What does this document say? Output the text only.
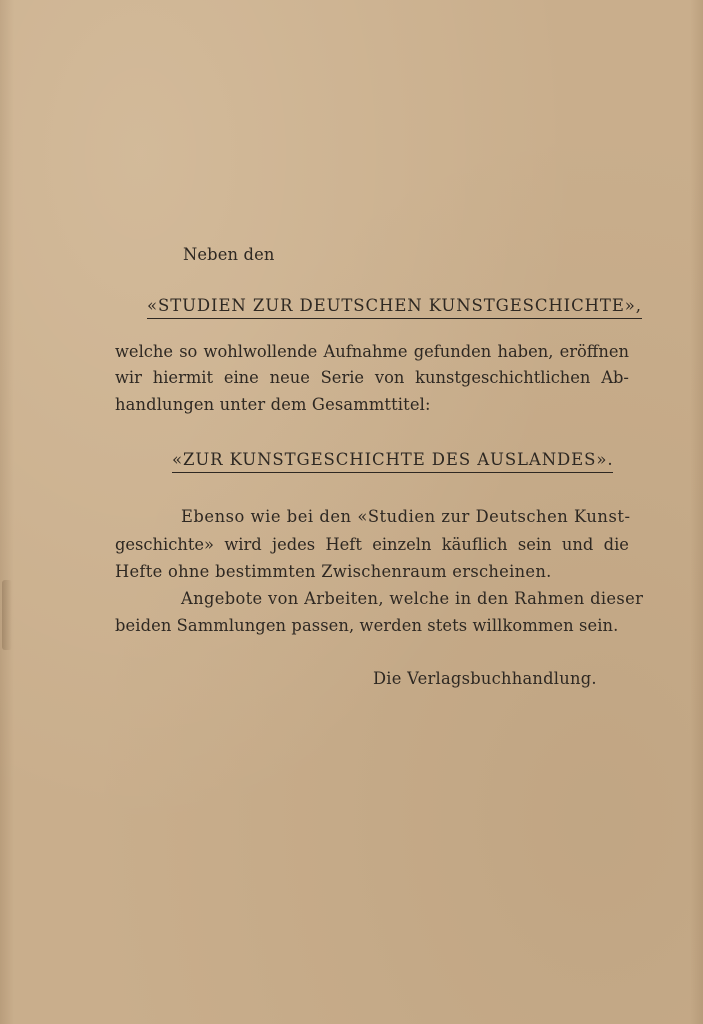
Neben den
«STUDIEN ZUR DEUTSCHEN KUNSTGESCHICHTE»,
welche so wohlwollende Aufnahme gefunden haben, eröffnen
wir hiermit eine neue Serie von kunstgeschichtlichen Ab-
handlungen unter dem Gesammttitel:
«ZUR KUNSTGESCHICHTE DES AUSLANDES».
Ebenso wie bei den «Studien zur Deutschen Kunst-
geschichte» wird jedes Heft einzeln käuflich sein und die
Hefte ohne bestimmten Zwischenraum erscheinen.
Angebote von Arbeiten, welche in den Rahmen dieser
beiden Sammlungen passen, werden stets willkommen sein.
Die Verlagsbuchhandlung.
